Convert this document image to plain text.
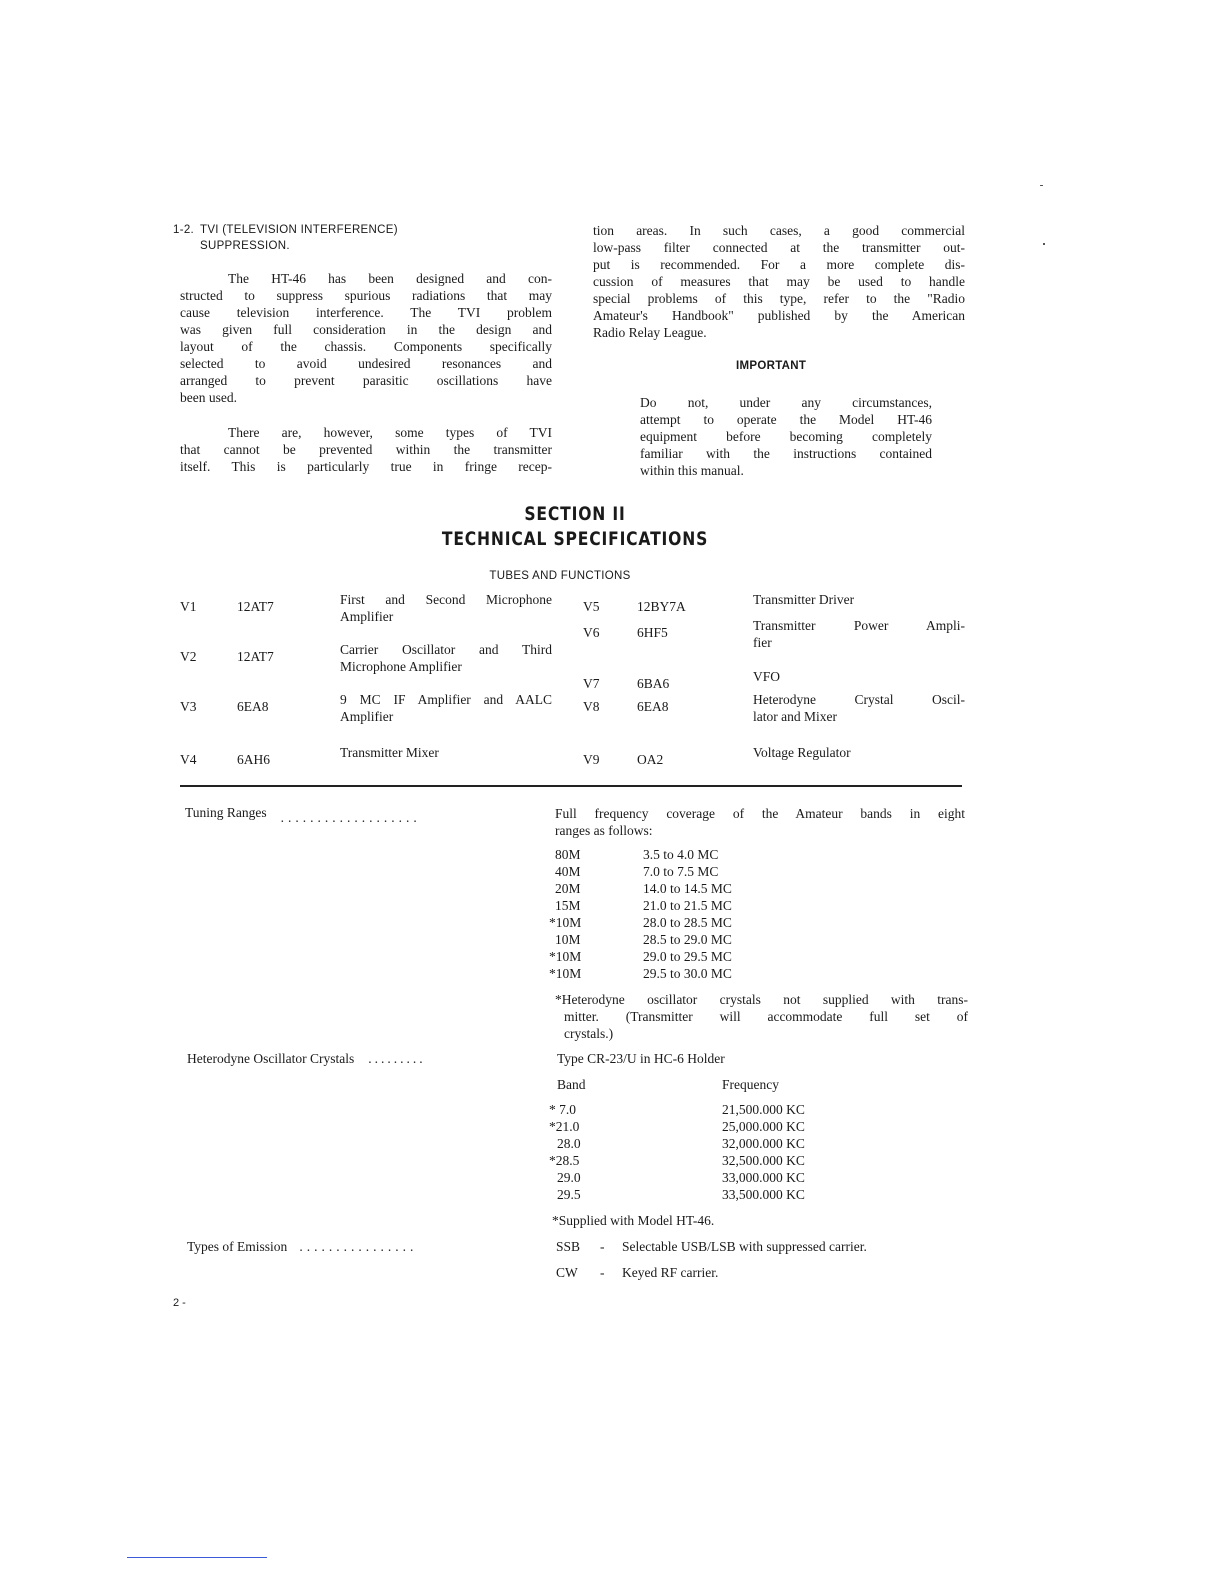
1-2. TVI (TELEVISION INTERFERENCE)
SUPPRESSION.
The HT-46 has been designed and con-
structed to suppress spurious radiations that may
cause television interference. The TVI problem
was given full consideration in the design and
layout of the chassis. Components specifically
selected to avoid undesired resonances and
arranged to prevent parasitic oscillations have
been used.
There are, however, some types of TVI
that cannot be prevented within the transmitter
itself. This is particularly true in fringe recep-
tion areas. In such cases, a good commercial
low-pass filter connected at the transmitter out-
put is recommended. For a more complete dis-
cussion of measures that may be used to handle
special problems of this type, refer to the "Radio
Amateur's Handbook" published by the American
Radio Relay League.
IMPORTANT
Do not, under any circumstances,
attempt to operate the Model HT-46
equipment before becoming completely
familiar with the instructions contained
within this manual.
SECTION II
TECHNICAL SPECIFICATIONS
TUBES AND FUNCTIONS
V1	12AT7	First and Second Microphone
Amplifier
V2	12AT7	Carrier Oscillator and Third
Microphone Amplifier
V3	6EA8	9 MC IF Amplifier and AALC
Amplifier
V4	6AH6	Transmitter Mixer
V5	12BY7A	Transmitter Driver
V6	6HF5	Transmitter Power Ampli-
fier
V7	6BA6	VFO
V8	6EA8	Heterodyne Crystal Oscil-
lator and Mixer
V9	OA2	Voltage Regulator
Tuning Ranges ...................	Full frequency coverage of the Amateur bands in eight
ranges as follows:
80M	3.5 to 4.0 MC
40M	7.0 to 7.5 MC
20M	14.0 to 14.5 MC
15M	21.0 to 21.5 MC
*10M	28.0 to 28.5 MC
10M	28.5 to 29.0 MC
*10M	29.0 to 29.5 MC
*10M	29.5 to 30.0 MC
*Heterodyne oscillator crystals not supplied with trans-
mitter. (Transmitter will accommodate full set of
crystals.)
Heterodyne Oscillator Crystals .........	Type CR-23/U in HC-6 Holder
Band	Frequency
* 7.0	21,500.000 KC
*21.0	25,000.000 KC
28.0	32,000.000 KC
*28.5	32,500.000 KC
29.0	33,000.000 KC
29.5	33,500.000 KC
*Supplied with Model HT-46.
Types of Emission ................	SSB - Selectable USB/LSB with suppressed carrier.
CW - Keyed RF carrier.
2 -
